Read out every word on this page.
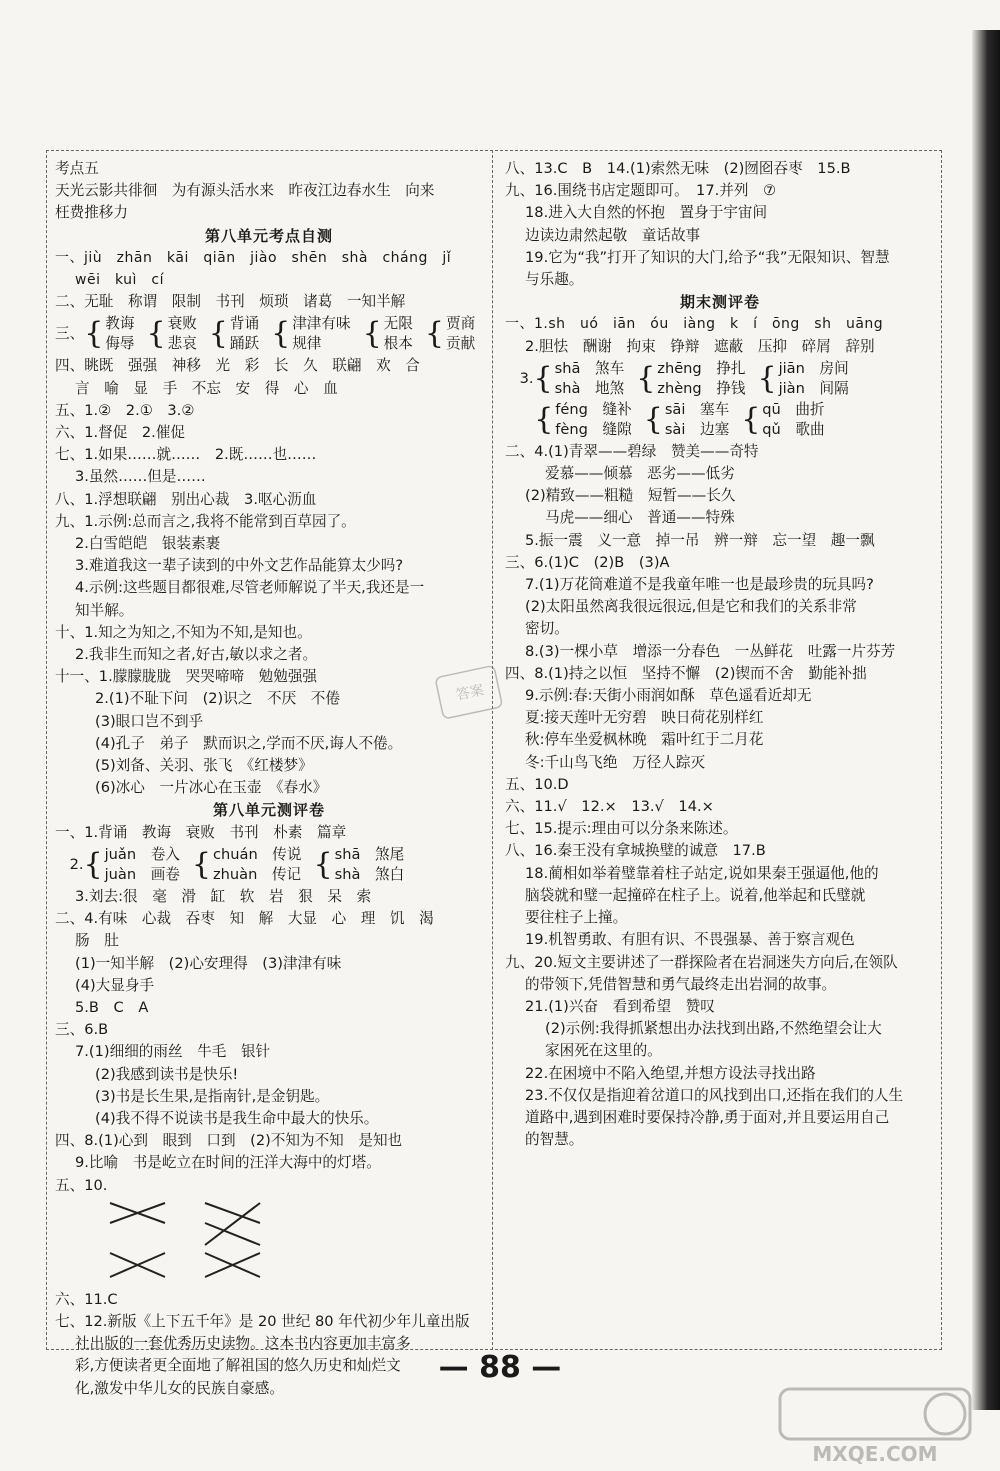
考点五
天光云影共徘徊　为有源头活水来　昨夜江边春水生　向来
枉费推移力
第八单元考点自测
一、jiù　zhān　kāi　qiān　jiào　shēn　shà　cháng　jǐ
wēi　kuì　cí
二、无耻　称谓　限制　书刊　烦琐　诸葛　一知半解
三、 { 教诲
侮辱 { 衰败
悲哀 { 背诵
踊跃 { 津津有味
规律	{ 无限
根本 { 贾商
贡献
四、眺既　强强　神移　光　彩　长　久　联翩　欢　合
言　喻　显　手　不忘　安　得　心　血
五、1.②　2.①　3.②
六、1.督促　2.催促
七、1.如果……就……　2.既……也……
3.虽然……但是……
八、1.浮想联翩　别出心裁　3.呕心沥血
九、1.示例:总而言之,我将不能常到百草园了。
2.白雪皑皑　银装素裹
3.难道我这一辈子读到的中外文艺作品能算太少吗?
4.示例:这些题目都很难,尽管老师解说了半天,我还是一
知半解。
十、1.知之为知之,不知为不知,是知也。
2.我非生而知之者,好古,敏以求之者。
十一、1.朦朦胧胧　哭哭啼啼　勉勉强强
2.(1)不耻下问　(2)识之　不厌　不倦
(3)眼口岂不到乎
(4)孔子　弟子　默而识之,学而不厌,诲人不倦。
(5)刘备、关羽、张飞　《红楼梦》
(6)冰心　一片冰心在玉壶　《春水》
第八单元测评卷
一、1.背诵　教诲　衰败　书刊　朴素　篇章
　2. { juǎn　卷入
juàn　画卷 { chuán　传说
zhuàn　传记 { shā　煞尾
shà　煞白
3.刘去:很　毫　滑　缸　软　岩　狠　呆　索
二、4.有味　心裁　吞枣　知　解　大显　心　理　饥　渴
肠　肚
(1)一知半解　(2)心安理得　(3)津津有味
(4)大显身手
5.B　C　A
三、6.B
7.(1)细细的雨丝　牛毛　银针
(2)我感到读书是快乐!
(3)书是长生果,是指南针,是金钥匙。
(4)我不得不说读书是我生命中最大的快乐。
四、8.(1)心到　眼到　口到　(2)不知为不知　是知也
9.比喻　书是屹立在时间的汪洋大海中的灯塔。
五、10.
六、11.C
七、12.新版《上下五千年》是 20 世纪 80 年代初少年儿童出版
社出版的一套优秀历史读物。这本书内容更加丰富多
彩,方便读者更全面地了解祖国的悠久历史和灿烂文
化,激发中华儿女的民族自豪感。
八、13.C　B　14.(1)索然无味　(2)囫囵吞枣　15.B
九、16.围绕书店定题即可。　17.并列　⑦
18.进入大自然的怀抱　置身于宇宙间
边读边肃然起敬　童话故事
19.它为“我”打开了知识的大门,给予“我”无限知识、智慧
与乐趣。
期末测评卷
一、1.sh　uó　iān　óu　iàng　k　í　ōng　sh　uāng
2.胆怯　酬谢　拘束　铮辩　遮蔽　压抑　碎屑　辞别
　3. { shā　煞车
shà　地煞 { zhēng　挣扎
zhèng　挣钱 { jiān　房间
jiàn　间隔

{ féng　缝补
fèng　缝隙 { sāi　塞车
sài　边塞 { qū　曲折
qǔ　歌曲
二、4.(1)青翠——碧绿　赞美——奇特
爱慕——倾慕　恶劣——低劣
(2)精致——粗糙　短暂——长久
马虎——细心　普通——特殊
5.振一震　义一意　掉一吊　辨一辩　忘一望　趣一飘
三、6.(1)C　(2)B　(3)A
7.(1)万花筒难道不是我童年唯一也是最珍贵的玩具吗?
(2)太阳虽然离我很远很远,但是它和我们的关系非常
密切。
8.(3)一棵小草　增添一分春色　一丛鲜花　吐露一片芬芳
四、8.(1)持之以恒　坚持不懈　(2)锲而不舍　勤能补拙
9.示例:春:天街小雨润如酥　草色遥看近却无
夏:接天莲叶无穷碧　映日荷花别样红
秋:停车坐爱枫林晚　霜叶红于二月花
冬:千山鸟飞绝　万径人踪灭
五、10.D
六、11.√　12.×　13.√　14.×
七、15.提示:理由可以分条来陈述。
八、16.秦王没有拿城换璧的诚意　17.B
18.蔺相如举着璧靠着柱子站定,说如果秦王强逼他,他的
脑袋就和璧一起撞碎在柱子上。说着,他举起和氏璧就
要往柱子上撞。
19.机智勇敢、有胆有识、不畏强暴、善于察言观色
九、20.短文主要讲述了一群探险者在岩洞迷失方向后,在领队
的带领下,凭借智慧和勇气最终走出岩洞的故事。
21.(1)兴奋　看到希望　赞叹
(2)示例:我得抓紧想出办法找到出路,不然绝望会让大
家困死在这里的。
22.在困境中不陷入绝望,并想方设法寻找出路
23.不仅仅是指迎着岔道口的风找到出口,还指在我们的人生
道路中,遇到困难时要保持冷静,勇于面对,并且要运用自己
的智慧。
答案
— 88 —
MXQE.COM
